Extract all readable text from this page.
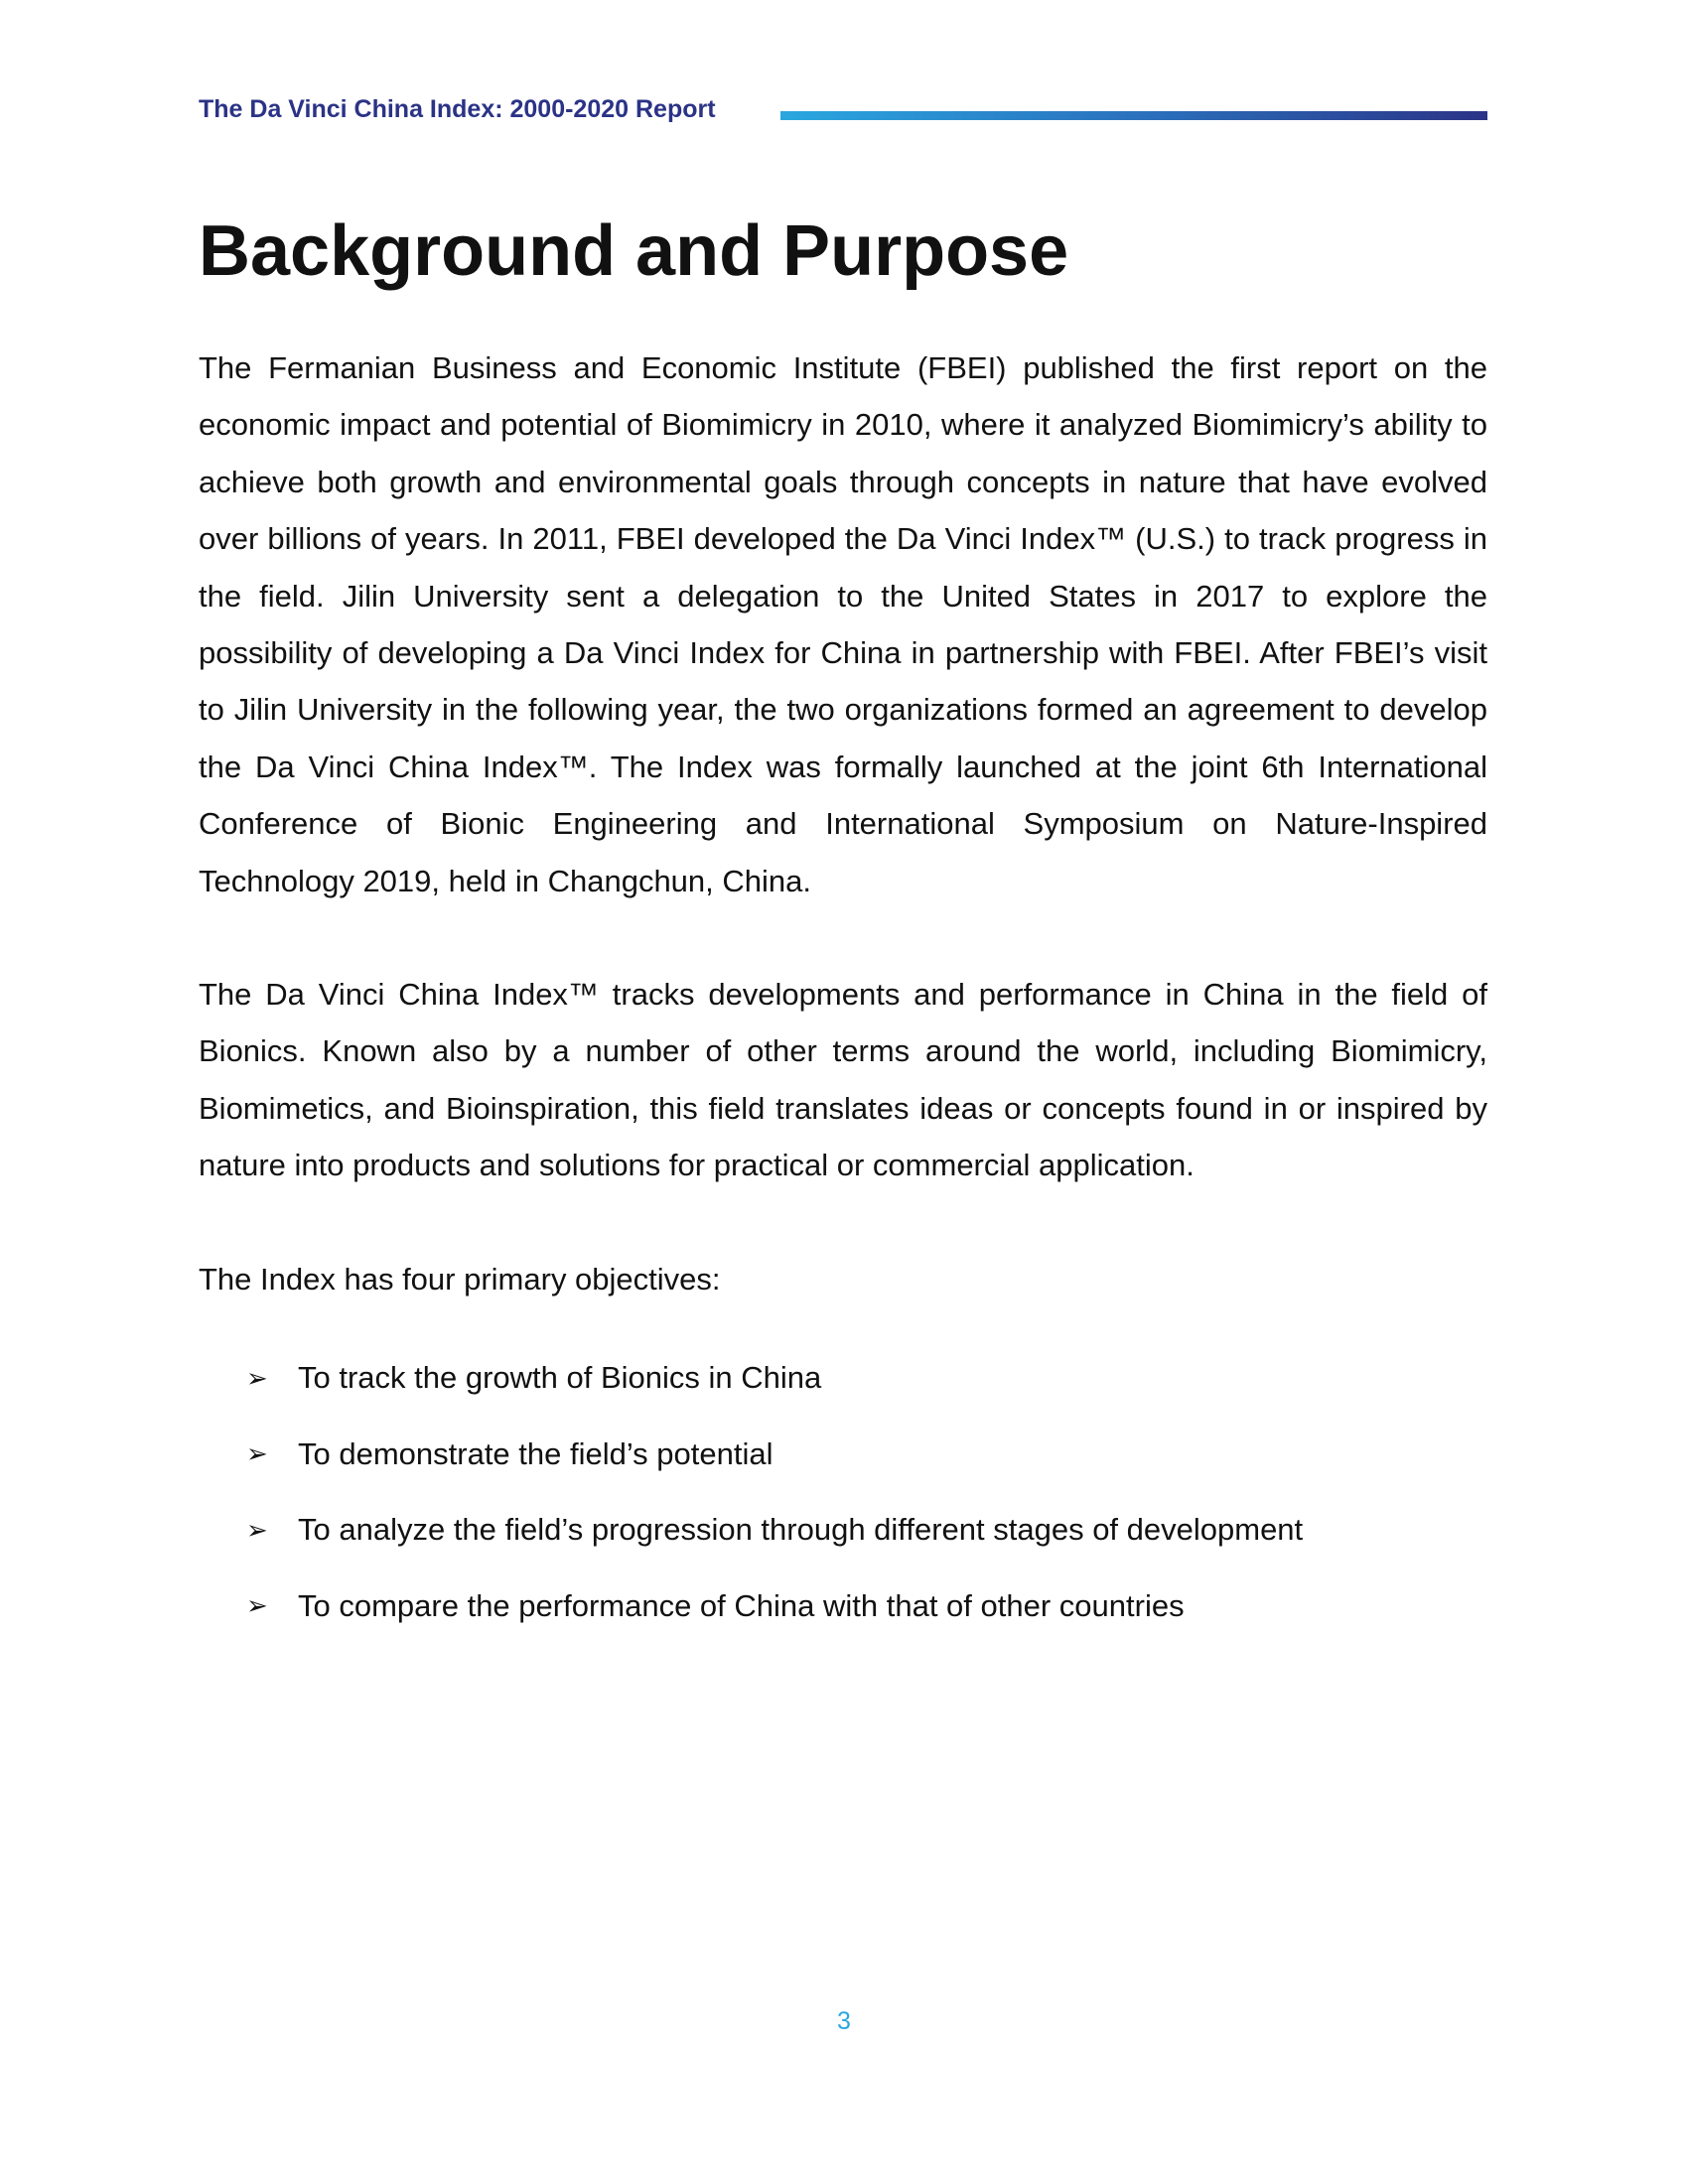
The Da Vinci China Index: 2000-2020 Report
Background and Purpose

The Fermanian Business and Economic Institute (FBEI) published the first report on the economic impact and potential of Biomimicry in 2010, where it analyzed Biomimicry’s ability to achieve both growth and environmental goals through concepts in nature that have evolved over billions of years. In 2011, FBEI developed the Da Vinci Index™ (U.S.) to track progress in the field. Jilin University sent a delegation to the United States in 2017 to explore the possibility of developing a Da Vinci Index for China in partnership with FBEI. After FBEI’s visit to Jilin University in the following year, the two organizations formed an agreement to develop the Da Vinci China Index™. The Index was formally launched at the joint 6th International Conference of Bionic Engineering and International Symposium on Nature-Inspired Technology 2019, held in Changchun, China.

The Da Vinci China Index™ tracks developments and performance in China in the field of Bionics. Known also by a number of other terms around the world, including Biomimicry, Biomimetics, and Bioinspiration, this field translates ideas or concepts found in or inspired by nature into products and solutions for practical or commercial application.

The Index has four primary objectives:

➢ To track the growth of Bionics in China
➢ To demonstrate the field’s potential
➢ To analyze the field’s progression through different stages of development
➢ To compare the performance of China with that of other countries
3
